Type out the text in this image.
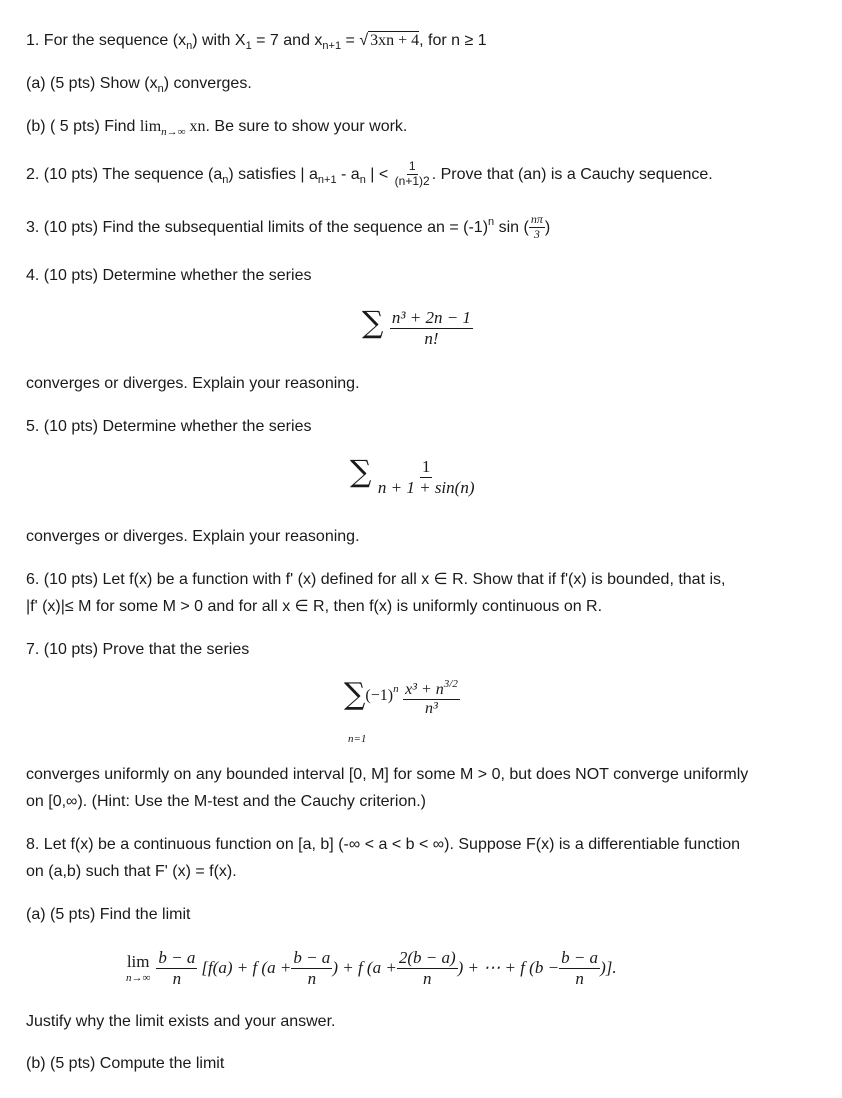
1. For the sequence $(x_n)$ with $X_1 = 7$ and $x_{n+1}$ = √ 3xn + 4, for n ≥ 1
(a) (5 pts) Show $(x_n)$ converges.
(b) ( 5 pts) Find $\lim_{n\to\infty}$ xn. Be sure to show your work.
2. (10 pts) The sequence $(a_n)$ satisfies | $a_{n+1} - a_n$ | < $\frac{1}{(n+1)2}$ . Prove that (an) is a Cauchy sequence.
3. (10 pts) Find the subsequential limits of the sequence an = $(-1)^n$ sin ( $\frac{n\pi}{3}$ )
4. (10 pts) Determine whether the series
∑ $\frac{\text{n³ + 2n − 1}}{n!}$
converges or diverges. Explain your reasoning.
5. (10 pts) Determine whether the series
∑ $\frac{1}{n + 1 + \sin(n)}$
converges or diverges. Explain your reasoning.
6. (10 pts) Let f(x) be a function with f' (x) defined for all x ∈ R. Show that if f'(x) is bounded, that is,
|f' (x)|≤ M for some M > 0 and for all x ∈ R, then f(x) is uniformly continuous on R.
7. (10 pts) Prove that the series
$\sum(-1)^n \frac{x^3 + n^{3/2}}{\text{n³}}$
n=1
converges uniformly on any bounded interval [0, M] for some M > 0, but does NOT converge uniformly
on [0,∞). (Hint: Use the M-test and the Cauchy criterion.)
8. Let f(x) be a continuous function on [a, b] (-∞ < a < b < ∞). Suppose F(x) is a differentiable function
on (a,b) such that F' (x) = f(x).
(a) (5 pts) Find the limit
lim
$n\to\infty \frac{b - a}{n} [f(a) + f$ ($a + \frac{b - a}{n}$ ) + f ($a + \frac{2(b - a)}{n}$ ) + ⋯ + f ($b - \frac{b - a}{n}$ )].
Justify why the limit exists and your answer.
(b) (5 pts) Compute the limit
